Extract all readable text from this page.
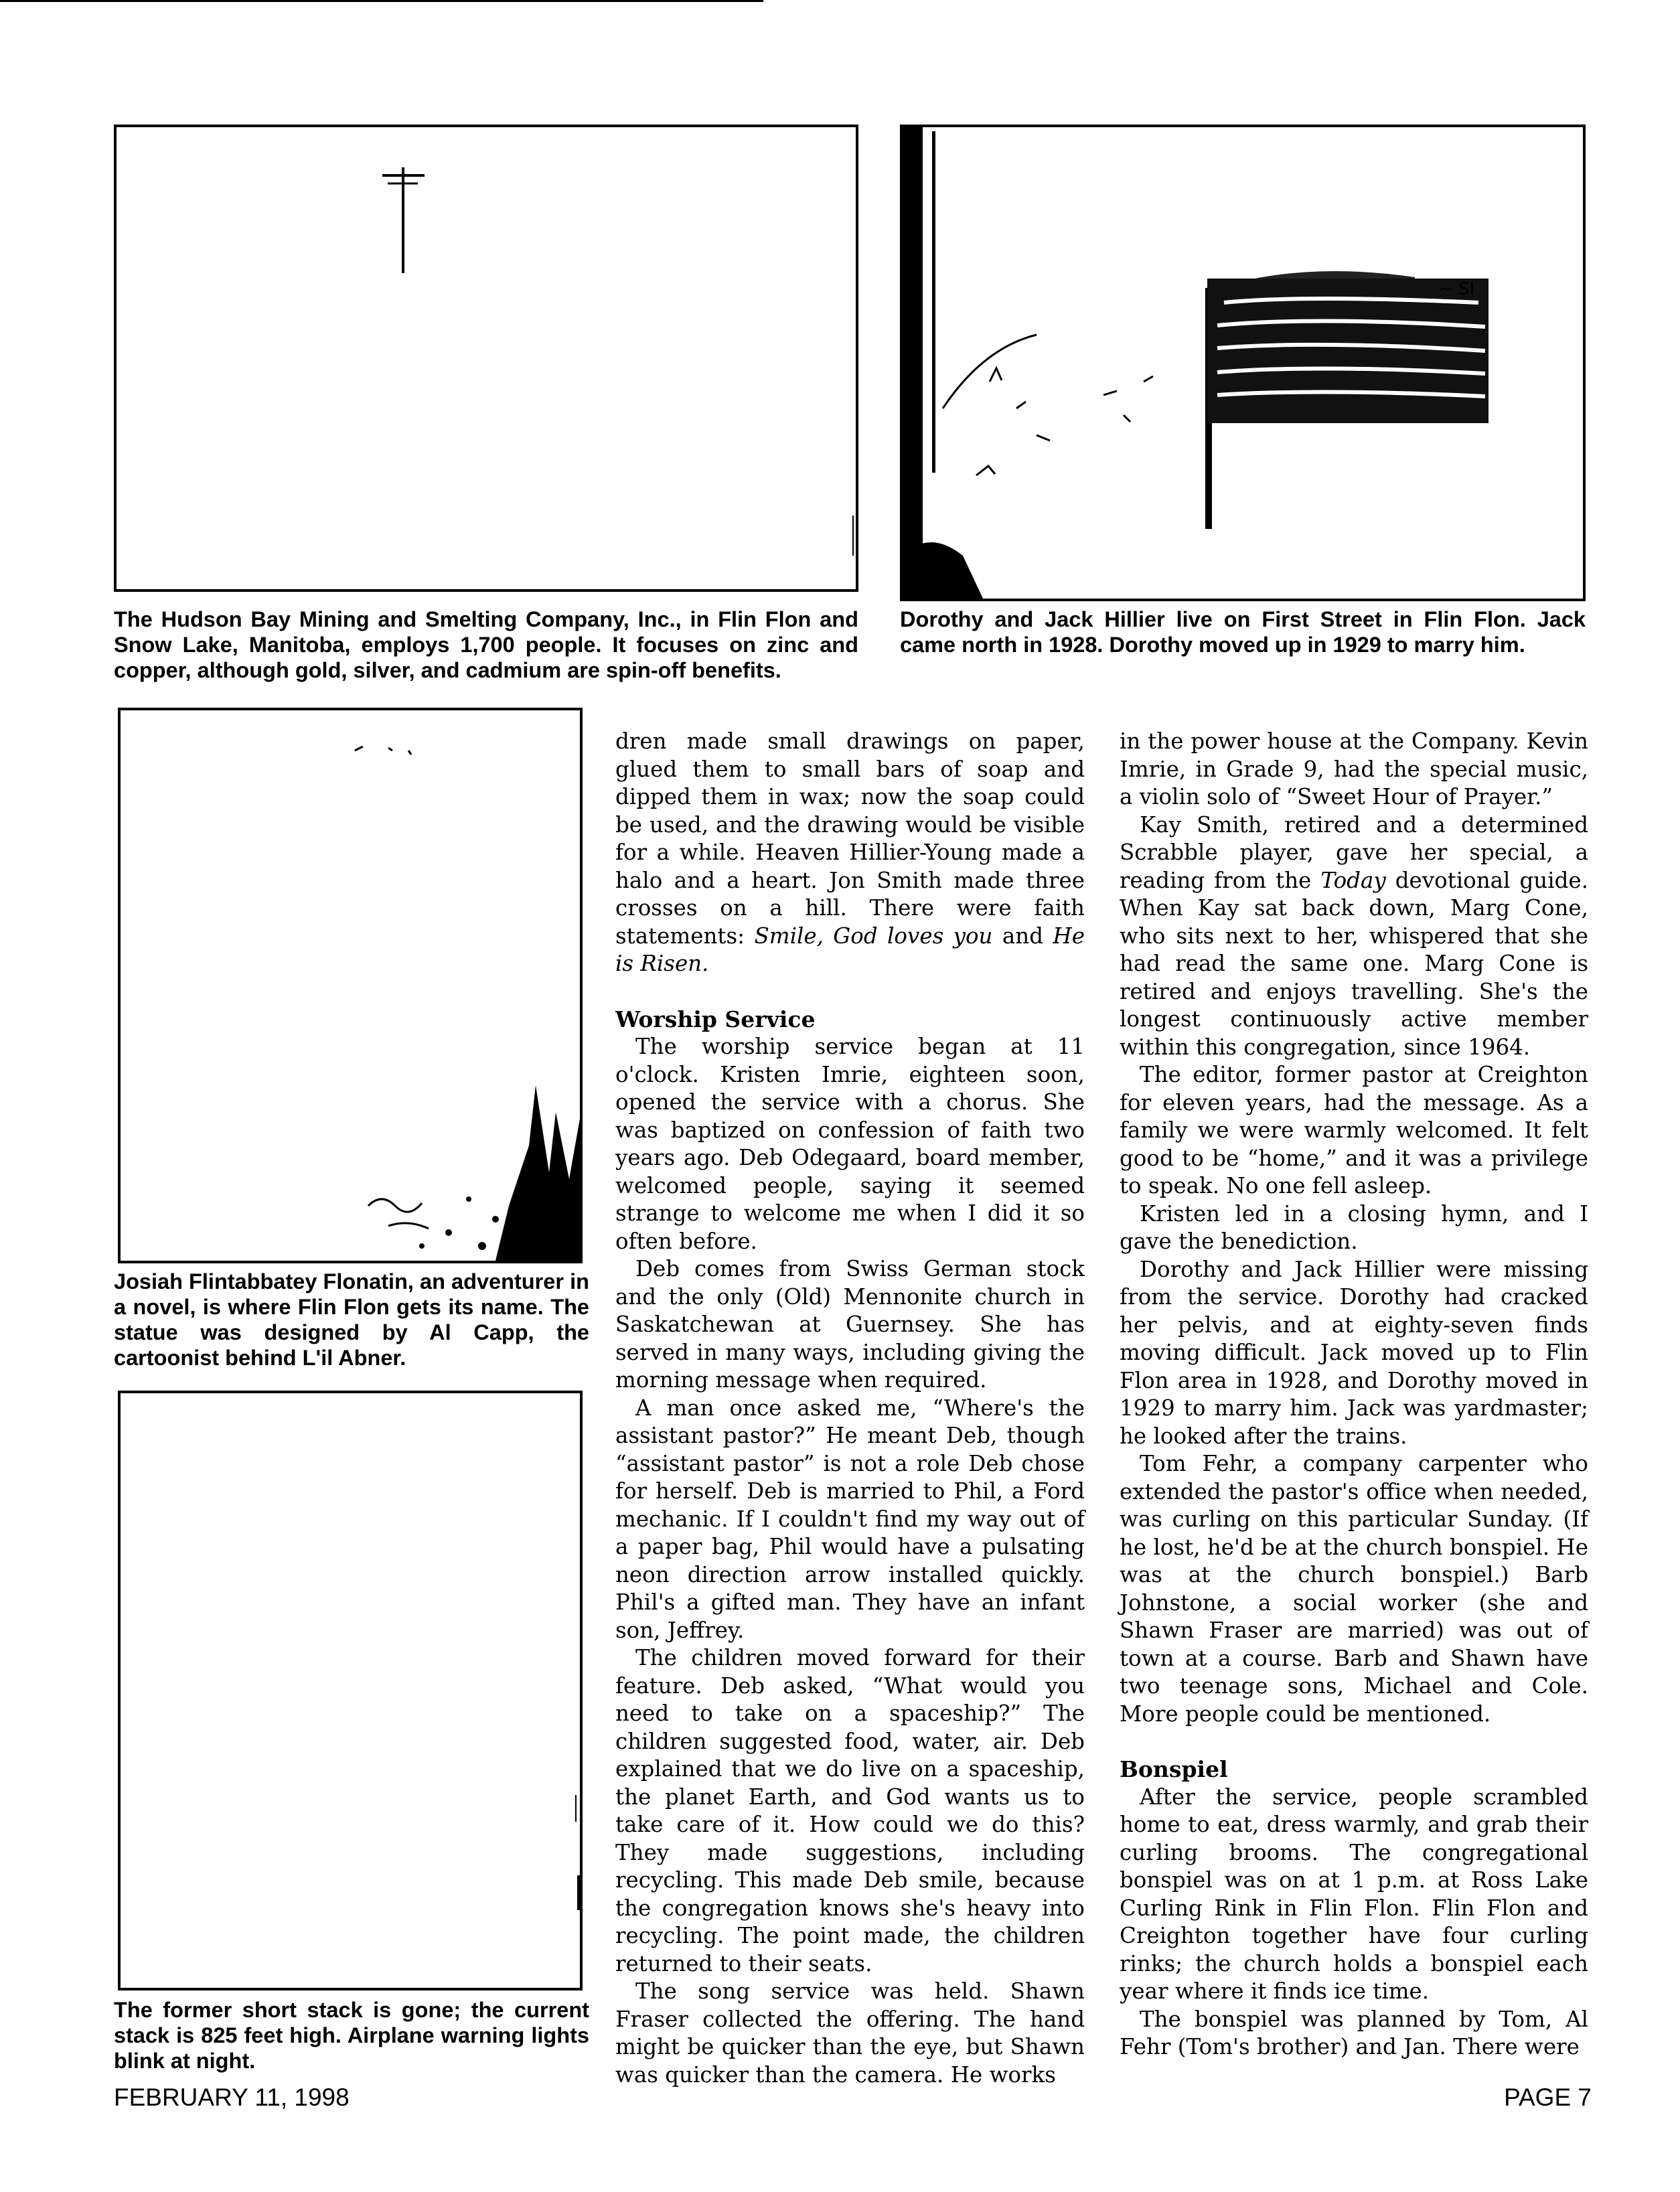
The Hudson Bay Mining and Smelting Company, Inc., in Flin Flon and Snow Lake, Manitoba, employs 1,700 people. It focuses on zinc and copper, although gold, silver, and cadmium are spin-off benefits.

~ SI

Dorothy and Jack Hillier live on First Street in Flin Flon. Jack came north in 1928. Dorothy moved up in 1929 to marry him.

Josiah Flintabbatey Flonatin, an adventurer in a novel, is where Flin Flon gets its name. The statue was designed by Al Capp, the cartoonist behind L'il Abner.

The former short stack is gone; the current stack is 825 feet high. Airplane warning lights blink at night.

dren made small drawings on paper, glued them to small bars of soap and dipped them in wax; now the soap could be used, and the drawing would be visible for a while. Heaven Hillier-Young made a halo and a heart. Jon Smith made three crosses on a hill. There were faith statements: Smile, God loves you and He is Risen.

Worship Service

The worship service began at 11 o'clock. Kristen Imrie, eighteen soon, opened the service with a chorus. She was baptized on confession of faith two years ago. Deb Odegaard, board member, welcomed people, saying it seemed strange to welcome me when I did it so often before.

Deb comes from Swiss German stock and the only (Old) Mennonite church in Saskatchewan at Guernsey. She has served in many ways, including giving the morning message when required.

A man once asked me, “Where's the assistant pastor?” He meant Deb, though “assistant pastor” is not a role Deb chose for herself. Deb is married to Phil, a Ford mechanic. If I couldn't find my way out of a paper bag, Phil would have a pulsating neon direction arrow installed quickly. Phil's a gifted man. They have an infant son, Jeffrey.

The children moved forward for their feature. Deb asked, “What would you need to take on a spaceship?” The children suggested food, water, air. Deb explained that we do live on a spaceship, the planet Earth, and God wants us to take care of it. How could we do this? They made suggestions, including recycling. This made Deb smile, because the congregation knows she's heavy into recycling. The point made, the children returned to their seats.

The song service was held. Shawn Fraser collected the offering. The hand might be quicker than the eye, but Shawn was quicker than the camera. He works

in the power house at the Company. Kevin Imrie, in Grade 9, had the special music, a violin solo of “Sweet Hour of Prayer.”

Kay Smith, retired and a determined Scrabble player, gave her special, a reading from the Today devotional guide. When Kay sat back down, Marg Cone, who sits next to her, whispered that she had read the same one. Marg Cone is retired and enjoys travelling. She's the longest continuously active member within this congregation, since 1964.

The editor, former pastor at Creighton for eleven years, had the message. As a family we were warmly welcomed. It felt good to be “home,” and it was a privilege to speak. No one fell asleep.

Kristen led in a closing hymn, and I gave the benediction.

Dorothy and Jack Hillier were missing from the service. Dorothy had cracked her pelvis, and at eighty-seven finds moving difficult. Jack moved up to Flin Flon area in 1928, and Dorothy moved in 1929 to marry him. Jack was yardmaster; he looked after the trains.

Tom Fehr, a company carpenter who extended the pastor's office when needed, was curling on this particular Sunday. (If he lost, he'd be at the church bonspiel. He was at the church bonspiel.) Barb Johnstone, a social worker (she and Shawn Fraser are married) was out of town at a course. Barb and Shawn have two teenage sons, Michael and Cole. More people could be mentioned.

Bonspiel

After the service, people scrambled home to eat, dress warmly, and grab their curling brooms. The congregational bonspiel was on at 1 p.m. at Ross Lake Curling Rink in Flin Flon. Flin Flon and Creighton together have four curling rinks; the church holds a bonspiel each year where it finds ice time.

The bonspiel was planned by Tom, Al Fehr (Tom's brother) and Jan. There were

FEBRUARY 11, 1998	PAGE 7
